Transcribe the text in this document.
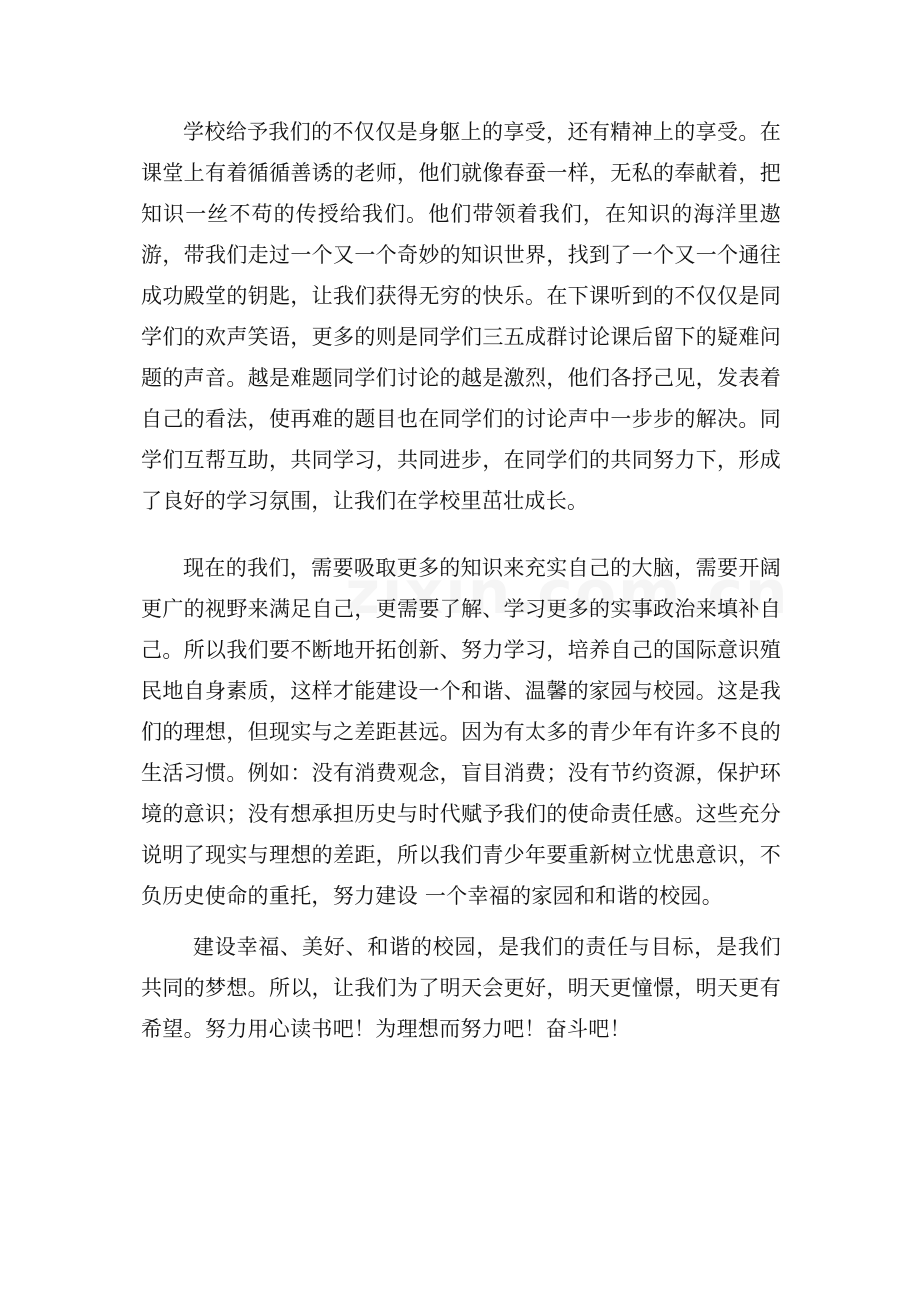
学校给予我们的不仅仅是身躯上的享受，还有精神上的享受。在课堂上有着循循善诱的老师，他们就像春蚕一样，无私的奉献着，把知识一丝不苟的传授给我们。他们带领着我们，在知识的海洋里遨游，带我们走过一个又一个奇妙的知识世界，找到了一个又一个通往成功殿堂的钥匙，让我们获得无穷的快乐。在下课听到的不仅仅是同学们的欢声笑语，更多的则是同学们三五成群讨论课后留下的疑难问题的声音。越是难题同学们讨论的越是激烈，他们各抒己见，发表着自己的看法，使再难的题目也在同学们的讨论声中一步步的解决。同学们互帮互助，共同学习，共同进步，在同学们的共同努力下，形成了良好的学习氛围，让我们在学校里茁壮成长。

现在的我们，需要吸取更多的知识来充实自己的大脑，需要开阔更广的视野来满足自己，更需要了解、学习更多的实事政治来填补自己。所以我们要不断地开拓创新、努力学习，培养自己的国际意识殖民地自身素质，这样才能建设一个和谐、温馨的家园与校园。这是我们的理想，但现实与之差距甚远。因为有太多的青少年有许多不良的生活习惯。例如：没有消费观念，盲目消费；没有节约资源，保护环境的意识；没有想承担历史与时代赋予我们的使命责任感。这些充分说明了现实与理想的差距，所以我们青少年要重新树立忧患意识，不负历史使命的重托，努力建设 一个幸福的家园和和谐的校园。

建设幸福、美好、和谐的校园，是我们的责任与目标，是我们共同的梦想。所以，让我们为了明天会更好，明天更憧憬，明天更有希望。努力用心读书吧！为理想而努力吧！奋斗吧！
